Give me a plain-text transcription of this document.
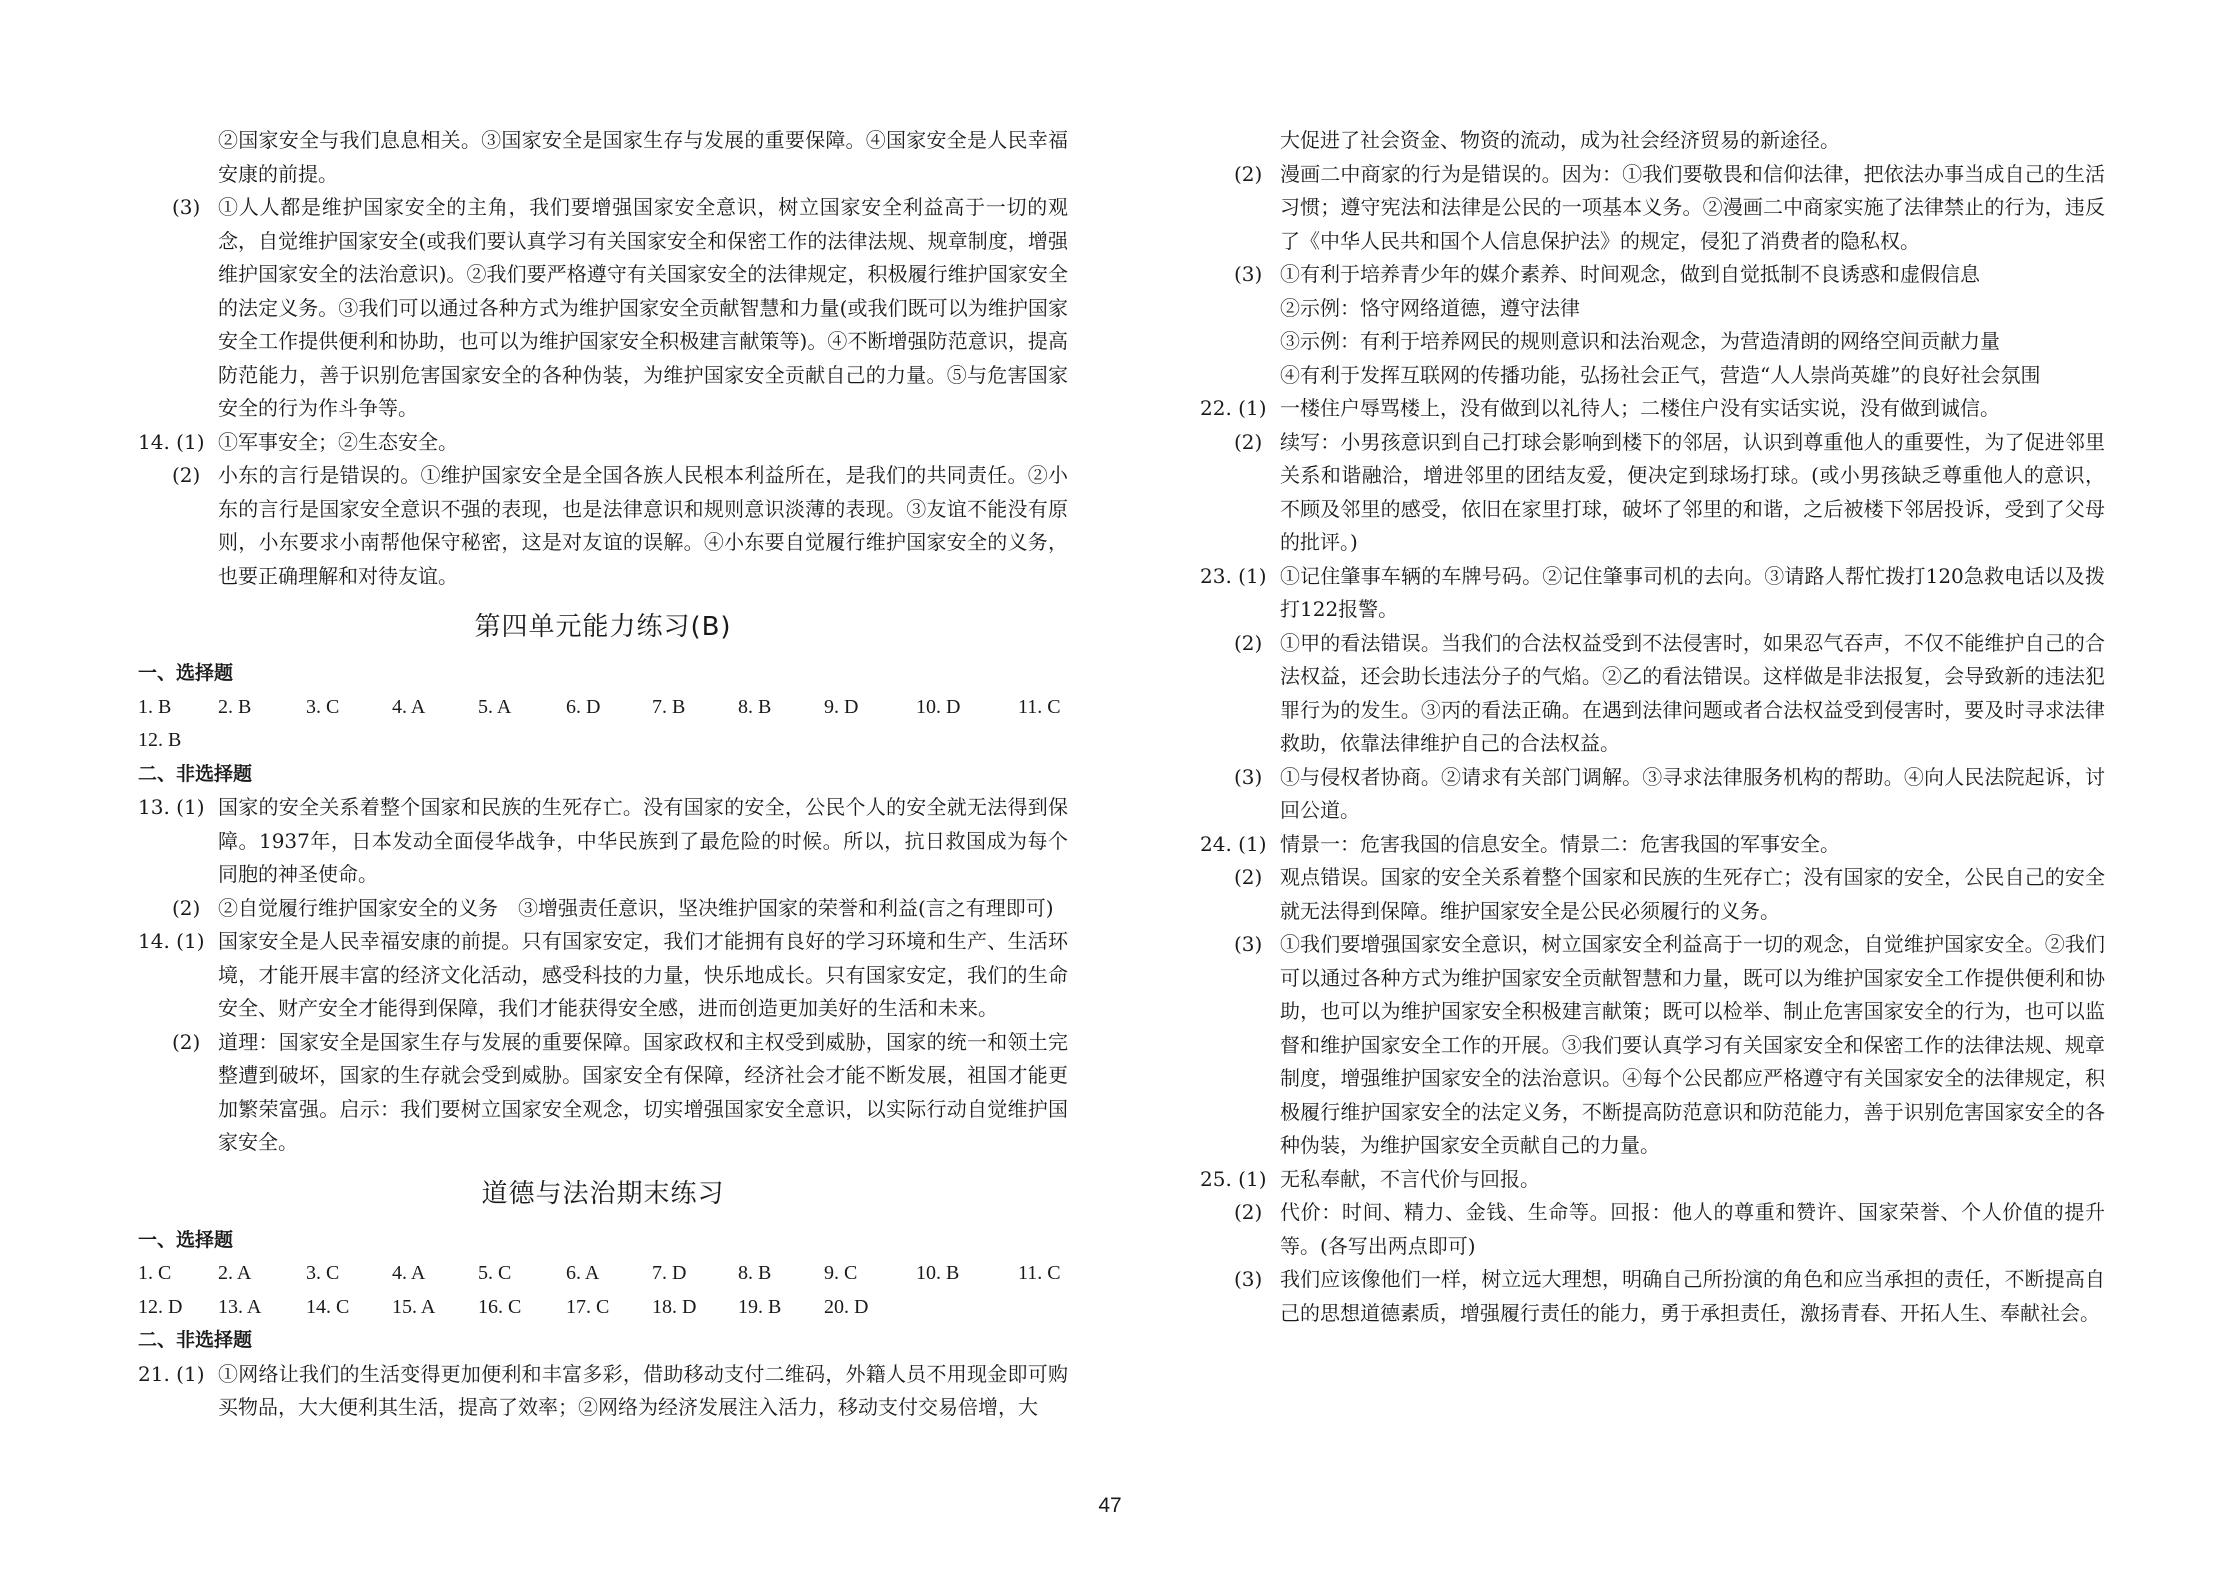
②国家安全与我们息息相关。③国家安全是国家生存与发展的重要保障。④国家安全是人民幸福安康的前提。
(3) ①人人都是维护国家安全的主角，我们要增强国家安全意识，树立国家安全利益高于一切的观念，自觉维护国家安全(或我们要认真学习有关国家安全和保密工作的法律法规、规章制度，增强维护国家安全的法治意识)。②我们要严格遵守有关国家安全的法律规定，积极履行维护国家安全的法定义务。③我们可以通过各种方式为维护国家安全贡献智慧和力量(或我们既可以为维护国家安全工作提供便利和协助，也可以为维护国家安全积极建言献策等)。④不断增强防范意识，提高防范能力，善于识别危害国家安全的各种伪装，为维护国家安全贡献自己的力量。⑤与危害国家安全的行为作斗争等。
14. (1) ①军事安全；②生态安全。
(2) 小东的言行是错误的。①维护国家安全是全国各族人民根本利益所在，是我们的共同责任。②小东的言行是国家安全意识不强的表现，也是法律意识和规则意识淡薄的表现。③友谊不能没有原则，小东要求小南帮他保守秘密，这是对友谊的误解。④小东要自觉履行维护国家安全的义务，也要正确理解和对待友谊。
第四单元能力练习(B)
一、选择题
1. B 2. B	3. C	4. A	5. A	6. D	7. B	8. B	9. D	10. D	11. C
12. B
二、非选择题
13. (1) 国家的安全关系着整个国家和民族的生死存亡。没有国家的安全，公民个人的安全就无法得到保障。1937年，日本发动全面侵华战争，中华民族到了最危险的时候。所以，抗日救国成为每个同胞的神圣使命。
(2) ②自觉履行维护国家安全的义务　③增强责任意识，坚决维护国家的荣誉和利益(言之有理即可)
14. (1) 国家安全是人民幸福安康的前提。只有国家安定，我们才能拥有良好的学习环境和生产、生活环境，才能开展丰富的经济文化活动，感受科技的力量，快乐地成长。只有国家安定，我们的生命安全、财产安全才能得到保障，我们才能获得安全感，进而创造更加美好的生活和未来。
(2) 道理：国家安全是国家生存与发展的重要保障。国家政权和主权受到威胁，国家的统一和领土完整遭到破坏，国家的生存就会受到威胁。国家安全有保障，经济社会才能不断发展，祖国才能更加繁荣富强。启示：我们要树立国家安全观念，切实增强国家安全意识，以实际行动自觉维护国家安全。
道德与法治期末练习
一、选择题
1. C 2. A	3. C	4. A	5. C	6. A	7. D	8. B	9. C	10. B	11. C
12. D 13. A 14. C 15. A 16. C 17. C 18. D 19. B 20. D
二、非选择题
21. (1) ①网络让我们的生活变得更加便利和丰富多彩，借助移动支付二维码，外籍人员不用现金即可购买物品，大大便利其生活，提高了效率；②网络为经济发展注入活力，移动支付交易倍增，大
大促进了社会资金、物资的流动，成为社会经济贸易的新途径。
(2) 漫画二中商家的行为是错误的。因为：①我们要敬畏和信仰法律，把依法办事当成自己的生活习惯；遵守宪法和法律是公民的一项基本义务。②漫画二中商家实施了法律禁止的行为，违反了《中华人民共和国个人信息保护法》的规定，侵犯了消费者的隐私权。
(3) ①有利于培养青少年的媒介素养、时间观念，做到自觉抵制不良诱惑和虚假信息
②示例：恪守网络道德，遵守法律
③示例：有利于培养网民的规则意识和法治观念，为营造清朗的网络空间贡献力量
④有利于发挥互联网的传播功能，弘扬社会正气，营造“人人崇尚英雄”的良好社会氛围
22. (1) 一楼住户辱骂楼上，没有做到以礼待人；二楼住户没有实话实说，没有做到诚信。
(2) 续写：小男孩意识到自己打球会影响到楼下的邻居，认识到尊重他人的重要性，为了促进邻里关系和谐融洽，增进邻里的团结友爱，便决定到球场打球。(或小男孩缺乏尊重他人的意识，不顾及邻里的感受，依旧在家里打球，破坏了邻里的和谐，之后被楼下邻居投诉，受到了父母的批评。)
23. (1) ①记住肇事车辆的车牌号码。②记住肇事司机的去向。③请路人帮忙拨打120急救电话以及拨打122报警。
(2) ①甲的看法错误。当我们的合法权益受到不法侵害时，如果忍气吞声，不仅不能维护自己的合法权益，还会助长违法分子的气焰。②乙的看法错误。这样做是非法报复，会导致新的违法犯罪行为的发生。③丙的看法正确。在遇到法律问题或者合法权益受到侵害时，要及时寻求法律救助，依靠法律维护自己的合法权益。
(3) ①与侵权者协商。②请求有关部门调解。③寻求法律服务机构的帮助。④向人民法院起诉，讨回公道。
24. (1) 情景一：危害我国的信息安全。情景二：危害我国的军事安全。
(2) 观点错误。国家的安全关系着整个国家和民族的生死存亡；没有国家的安全，公民自己的安全就无法得到保障。维护国家安全是公民必须履行的义务。
(3) ①我们要增强国家安全意识，树立国家安全利益高于一切的观念，自觉维护国家安全。②我们可以通过各种方式为维护国家安全贡献智慧和力量，既可以为维护国家安全工作提供便利和协助，也可以为维护国家安全积极建言献策；既可以检举、制止危害国家安全的行为，也可以监督和维护国家安全工作的开展。③我们要认真学习有关国家安全和保密工作的法律法规、规章制度，增强维护国家安全的法治意识。④每个公民都应严格遵守有关国家安全的法律规定，积极履行维护国家安全的法定义务，不断提高防范意识和防范能力，善于识别危害国家安全的各种伪装，为维护国家安全贡献自己的力量。
25. (1) 无私奉献，不言代价与回报。
(2) 代价：时间、精力、金钱、生命等。回报：他人的尊重和赞许、国家荣誉、个人价值的提升等。(各写出两点即可)
(3) 我们应该像他们一样，树立远大理想，明确自己所扮演的角色和应当承担的责任，不断提高自己的思想道德素质，增强履行责任的能力，勇于承担责任，激扬青春、开拓人生、奉献社会。
47
